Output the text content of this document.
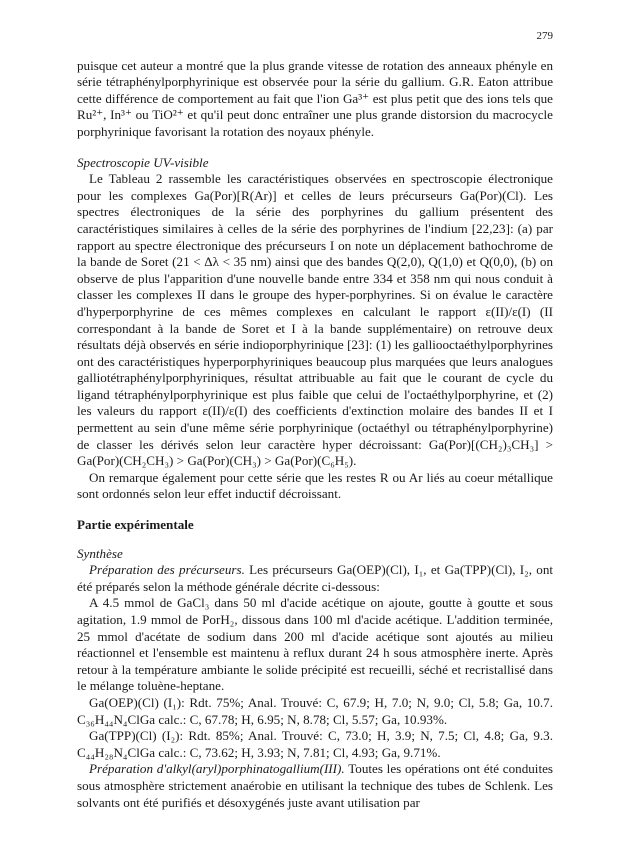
279

puisque cet auteur a montré que la plus grande vitesse de rotation des anneaux phényle en série tétraphénylporphyrinique est observée pour la série du gallium. G.R. Eaton attribue cette différence de comportement au fait que l'ion Ga³⁺ est plus petit que des ions tels que Ru²⁺, In³⁺ ou TiO²⁺ et qu'il peut donc entraîner une plus grande distorsion du macrocycle porphyrinique favorisant la rotation des noyaux phényle.

Spectroscopie UV-visible

Le Tableau 2 rassemble les caractéristiques observées en spectroscopie électronique pour les complexes Ga(Por)[R(Ar)] et celles de leurs précurseurs Ga(Por)(Cl). Les spectres électroniques de la série des porphyrines du gallium présentent des caractéristiques similaires à celles de la série des porphyrines de l'indium [22,23]: (a) par rapport au spectre électronique des précurseurs I on note un déplacement bathochrome de la bande de Soret (21 < Δλ < 35 nm) ainsi que des bandes Q(2,0), Q(1,0) et Q(0,0), (b) on observe de plus l'apparition d'une nouvelle bande entre 334 et 358 nm qui nous conduit à classer les complexes II dans le groupe des hyper-porphyrines. Si on évalue le caractère d'hyperporphyrine de ces mêmes complexes en calculant le rapport ε(II)/ε(I) (II correspondant à la bande de Soret et I à la bande supplémentaire) on retrouve deux résultats déjà observés en série indioporphyrinique [23]: (1) les galliooctaéthylporphyrines ont des caractéristiques hyperporphyriniques beaucoup plus marquées que leurs analogues galliotétraphénylporphyriniques, résultat attribuable au fait que le courant de cycle du ligand tétraphénylporphyrinique est plus faible que celui de l'octaéthylporphyrine, et (2) les valeurs du rapport ε(II)/ε(I) des coefficients d'extinction molaire des bandes II et I permettent au sein d'une même série porphyrinique (octaéthyl ou tétraphénylporphyrine) de classer les dérivés selon leur caractère hyper décroissant: Ga(Por)[(CH₂)₃CH₃] > Ga(Por)(CH₂CH₃) > Ga(Por)(CH₃) > Ga(Por)(C₆H₅).

On remarque également pour cette série que les restes R ou Ar liés au coeur métallique sont ordonnés selon leur effet inductif décroissant.

Partie expérimentale

Synthèse

Préparation des précurseurs. Les précurseurs Ga(OEP)(Cl), I₁, et Ga(TPP)(Cl), I₂, ont été préparés selon la méthode générale décrite ci-dessous:

A 4.5 mmol de GaCl₃ dans 50 ml d'acide acétique on ajoute, goutte à goutte et sous agitation, 1.9 mmol de PorH₂, dissous dans 100 ml d'acide acétique. L'addition terminée, 25 mmol d'acétate de sodium dans 200 ml d'acide acétique sont ajoutés au milieu réactionnel et l'ensemble est maintenu à reflux durant 24 h sous atmosphère inerte. Après retour à la température ambiante le solide précipité est recueilli, séché et recristallisé dans le mélange toluène-heptane.

Ga(OEP)(Cl) (I₁): Rdt. 75%; Anal. Trouvé: C, 67.9; H, 7.0; N, 9.0; Cl, 5.8; Ga, 10.7. C₃₆H₄₄N₄ClGa calc.: C, 67.78; H, 6.95; N, 8.78; Cl, 5.57; Ga, 10.93%.

Ga(TPP)(Cl) (I₂): Rdt. 85%; Anal. Trouvé: C, 73.0; H, 3.9; N, 7.5; Cl, 4.8; Ga, 9.3. C₄₄H₂₈N₄ClGa calc.: C, 73.62; H, 3.93; N, 7.81; Cl, 4.93; Ga, 9.71%.

Préparation d'alkyl(aryl)porphinatogallium(III). Toutes les opérations ont été conduites sous atmosphère strictement anaérobie en utilisant la technique des tubes de Schlenk. Les solvants ont été purifiés et désoxygénés juste avant utilisation par
